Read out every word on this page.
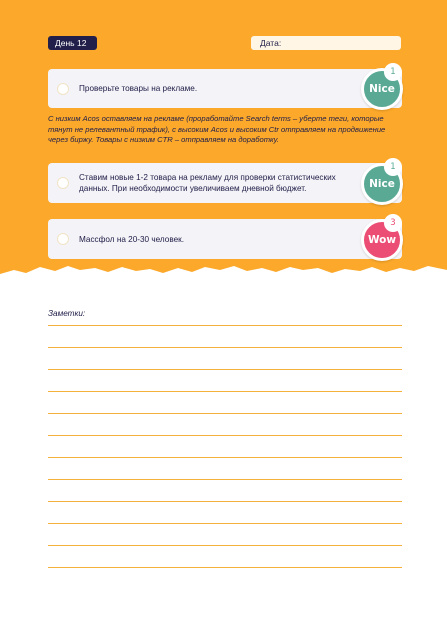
День 12	Дата:
Проверьте товары на рекламе.	Nice
1
С низким Acos оставляем на рекламе (проработайте Search terms – уберте теги, которые тянут не релевантный трафик), с высоким Acos и высоким Ctr отправляем на продвижение через биржу. Товары с низким CTR – отправляем на доработку.
Ставим новые 1-2 товара на рекламу для проверки статистических данных. При необходимости увеличиваем дневной бюджет.	Nice
1
Массфол на 20-30 человек.	Wow
3
Заметки:
